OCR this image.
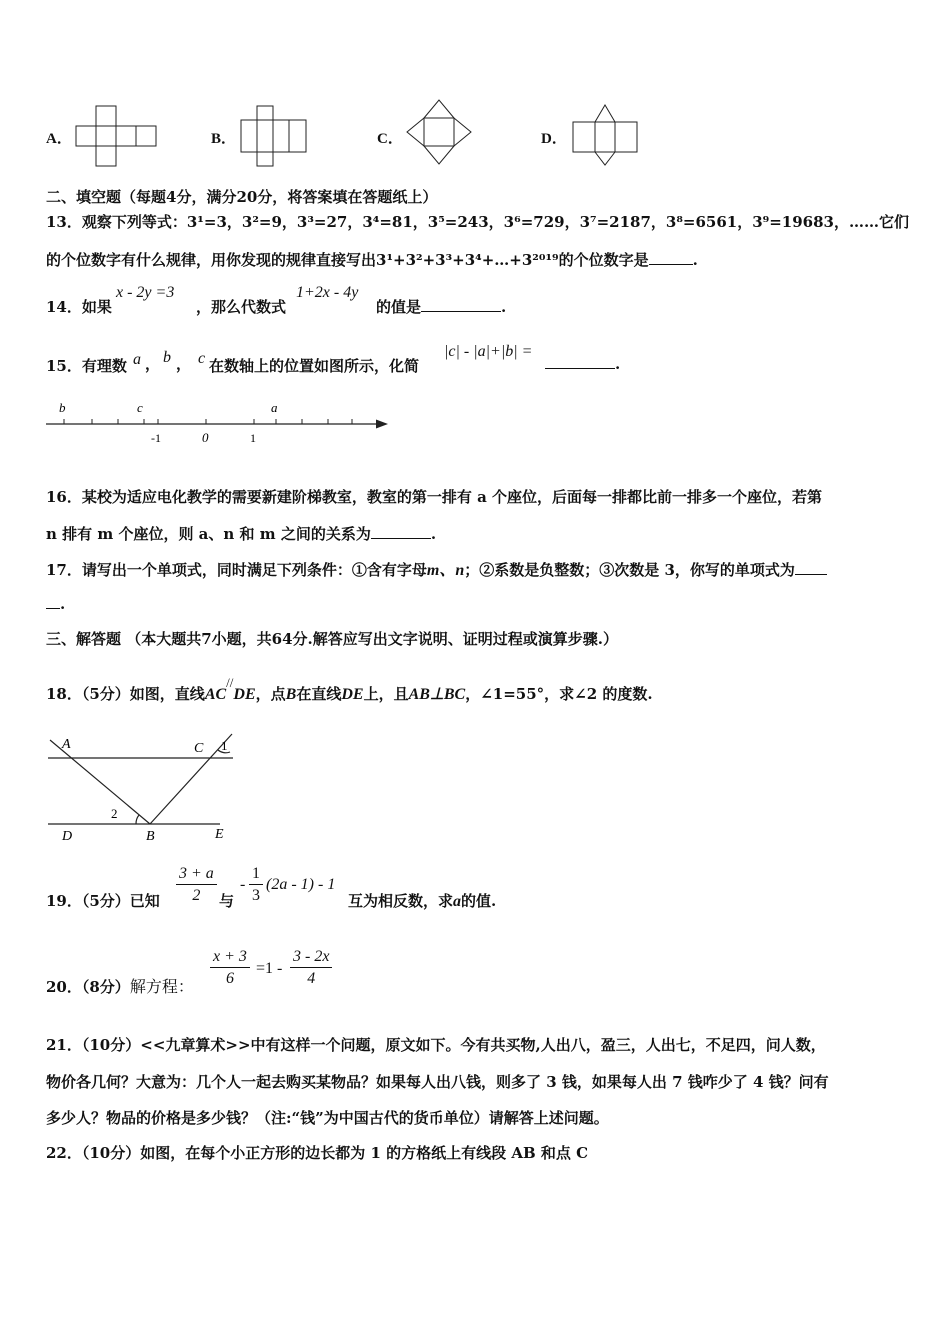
A．	B．	C．	D．
二、填空题（每题4分，满分20分，将答案填在答题纸上）
13．观察下列等式：3¹=3，3²=9，3³=27，3⁴=81，3⁵=243，3⁶=729，3⁷=2187，3⁸=6561，3⁹=19683，……它们
的个位数字有什么规律，用你发现的规律直接写出3¹+3²+3³+3⁴+…+3²⁰¹⁹的个位数字是	.
14．如果
x - 2y =3
，那么代数式
1+2x - 4y
的值是	.
15．有理数 a ， b ， c 在数轴上的位置如图所示，化简
|c| - |a|+|b| =
.
b	c	a
-1	0	1
16．某校为适应电化教学的需要新建阶梯教室，教室的第一排有 a 个座位，后面每一排都比前一排多一个座位，若第
n 排有 m 个座位，则 a、n 和 m 之间的关系为	.
17．请写出一个单项式，同时满足下列条件：①含有字母m、n；②系数是负整数；③次数是 3，你写的单项式为
.
三、解答题 （本大题共7小题，共64分.解答应写出文字说明、证明过程或演算步骤.）
18．（5分）如图，直线AC//DE，点B在直线DE上，且AB⊥BC，∠1=55°，求∠2 的度数.
A	C 1
2
D	B	E
19．（5分）已知 $\frac{3 + a}{2}$ 与
- $\frac{1}{3} (2a - 1) - 1$
互为相反数，求a的值.
20．（8分）解方程： $\frac{x + 3}{6} =1 - \frac{3 - 2x}{4}$
21．（10分）<<九章算术>>中有这样一个问题，原文如下。今有共买物,人出八，盈三，人出七，不足四，问人数，
物价各几何？大意为：几个人一起去购买某物品？如果每人出八钱，则多了 3 钱，如果每人出 7 钱咋少了 4 钱？问有
多少人？物品的价格是多少钱？（注:“钱”为中国古代的货币单位）请解答上述问题。
22．（10分）如图，在每个小正方形的边长都为 1 的方格纸上有线段 AB 和点 C
